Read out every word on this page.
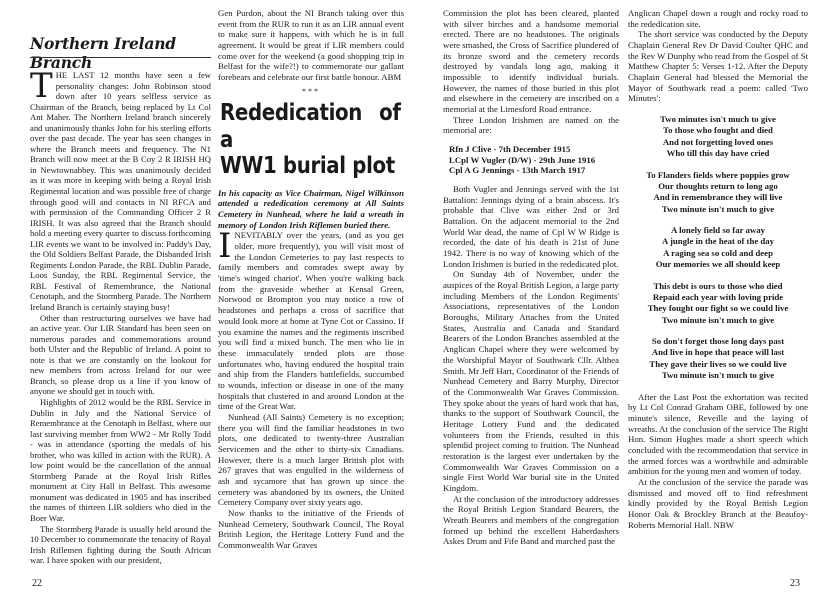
Northern Ireland Branch

THE LAST 12 months have seen a few personality changes: John Robinson stood down after 10 years selfless service as Chairman of the Branch, being replaced by Lt Col Ant Maher. The Northern Ireland branch sincerely and unanimously thanks John for his sterling efforts over the past decade. The year has seen changes in where the Branch meets and frequency. The N1 Branch will now meet at the B Coy 2 R IRISH HQ in Newtownabbey. This was unanimously decided as it was more in keeping with being a Royal Irish Regimental location and was possible free of charge through good will and contacts in NI RFCA and with permission of the Commanding Officer 2 R IRISH. It was also agreed that the Branch should hold a meeting every quarter to discuss forthcoming LIR events we want to be involved in: Paddy's Day, the Old Soldiers Belfast Parade, the Disbanded Irish Regiments London Parade, the RBL Dublin Parade, Loos Sunday, the RBL Regimental Service, the RBL Festival of Remembrance, the National Cenotaph, and the Stormberg Parade. The Northern Ireland Branch is certainly staying busy!

Other than restructuring ourselves we have had an active year. Our LIR Standard has been seen on numerous parades and commemorations around both Ulster and the Republic of Ireland. A point to note is that we are constantly on the lookout for new members from across Ireland for our wee Branch, so please drop us a line if you know of anyone we should get in touch with.

Highlights of 2012 would be the RBL Service in Dublin in July and the National Service of Remembrance at the Cenotaph in Belfast, where our last surviving member from WW2 - Mr Rolly Todd - was in attendance (sporting the medals of his brother, who was killed in action with the RUR). A low point would be the cancellation of the annual Stormberg Parade at the Royal Irish Rifles monument at City Hall in Belfast. This awesome monument was dedicated in 1905 and has inscribed the names of thirteen LIR soldiers who died in the Boer War.

The Stormberg Parade is usually held around the 10 December to commemorate the tenacity of Royal Irish Riflemen fighting during the South African war. I have spoken with our president,

Gen Purdon, about the NI Branch taking over this event from the RUR to run it as an LIR annual event to make sure it happens, with which he is in full agreement. It would be great if LIR members could come over for the weekend (a good shopping trip in Belfast for the wife?!) to commemorate our gallant forebears and celebrate our first battle honour. ABM

***
Rededication of a
WW1 burial plot

In his capacity as Vice Chairman, Nigel Wilkinson attended a rededication ceremony at All Saints Cemetery in Nunhead, where he laid a wreath in memory of London Irish Riflemen buried there.

INEVITABLY over the years, (and as you get older, more frequently), you will visit most of the London Cemeteries to pay last respects to family members and comrades swept away by 'time's winged chariot'. When you're walking back from the graveside whether at Kensal Green, Norwood or Brompton you may notice a row of headstones and perhaps a cross of sacrifice that would look more at home at Tyne Cot or Cassino. If you examine the names and the regiments inscribed you will find a mixed bunch. The men who lie in these immaculately tended plots are those unfortunates who, having endured the hospital train and ship from the Flanders battlefields, succumbed to wounds, infection or disease in one of the many hospitals that clustered in and around London at the time of the Great War.

Nunhead (All Saints) Cemetery is no exception; there you will find the familiar headstones in two plots, one dedicated to twenty-three Australian Servicemen and the other to thirty-six Canadians. However, there is a much larger British plot with 267 graves that was engulfed in the wilderness of ash and sycamore that has grown up since the cemetery was abandoned by its owners, the United Cemetery Company over sixty years ago.

Now thanks to the initiative of the Friends of Nunhead Cemetery, Southwark Council, The Royal British Legion, the Heritage Lottery Fund and the Commonwealth War Graves

22

Commission the plot has been cleared, planted with silver birches and a handsome memorial erected. There are no headstones. The originals were smashed, the Cross of Sacrifice plundered of its bronze sword and the cemetery records destroyed by vandals long ago, making it impossible to identify individual burials. However, the names of those buried in this plot and elsewhere in the cemetery are inscribed on a memorial at the Limesford Road entrance.

Three London Irishmen are named on the memorial are:

Rfn J Clive - 7th December 1915
LCpl W Vugler (D/W) - 29th June 1916
Cpl A G Jennings - 13th March 1917

Both Vugler and Jennings served with the 1st Battalion: Jennings dying of a brain abscess. It's probable that Clive was either 2nd or 3rd Battalion. On the adjacent memorial to the 2nd World War dead, the name of Cpl W W Ridge is recorded, the date of his death is 21st of June 1942. There is no way of knowing which of the London Irishmen is buried in the rededicated plot.

On Sunday 4th of November, under the auspices of the Royal British Legion, a large party including Members of the London Regiments' Associations, representatives of the London Boroughs, Military Attaches from the United States, Australia and Canada and Standard Bearers of the London Branches assembled at the Anglican Chapel where they were welcomed by the Worshipful Mayor of Southwark Cllr. Althea Smith. Mr Jeff Hart, Coordinator of the Friends of Nunhead Cemetery and Barry Murphy, Director of the Commonwealth War Graves Commission. They spoke about the years of hard work that has, thanks to the support of Southwark Council, the Heritage Lottery Fund and the dedicated volunteers from the Friends, resulted in this splendid project coming to fruition. The Nunhead restoration is the largest ever undertaken by the Commonwealth War Graves Commission on a single First World War burial site in the United Kingdom.

At the conclusion of the introductory addresses the Royal British Legion Standard Bearers, the Wreath Bearers and members of the congregation formed up behind the excellent Haberdashers Askes Drum and Fife Band and marched past the

Anglican Chapel down a rough and rocky road to the rededication site.

The short service was conducted by the Deputy Chaplain General Rev Dr David Coulter QHC and the Rev W Dunphy who read from the Gospel of St Matthew Chapter 5: Verses 1-12. After the Deputy Chaplain General had blessed the Memorial the Mayor of Southwark read a poem: called 'Two Minutes':

Two minutes isn't much to give
To those who fought and died
And not forgetting loved ones
Who till this day have cried
To Flanders fields where poppies grow
Our thoughts return to long ago
And in remembrance they will live
Two minute isn't much to give
A lonely field so far away
A jungle in the heat of the day
A raging sea so cold and deep
Our memories we all should keep
This debt is ours to those who died
Repaid each year with loving pride
They fought our fight so we could live
Two minute isn't much to give
So don't forget those long days past
And live in hope that peace will last
They gave their lives so we could live
Two minute isn't much to give

After the Last Post the exhortation was recited by Lt Col Conrad Graham OBE, followed by one minute's silence, Reveille and the laying of wreaths. At the conclusion of the service The Right Hon. Simon Hughes made a short speech which concluded with the recommendation that service in the armed forces was a worthwhile and admirable ambition for the young men and women of today.

At the conclusion of the service the parade was dismissed and moved off to find refreshment kindly provided by the Royal British Legion Honor Oak & Brockley Branch at the Beaufoy-Roberts Memorial Hall. NBW

23
